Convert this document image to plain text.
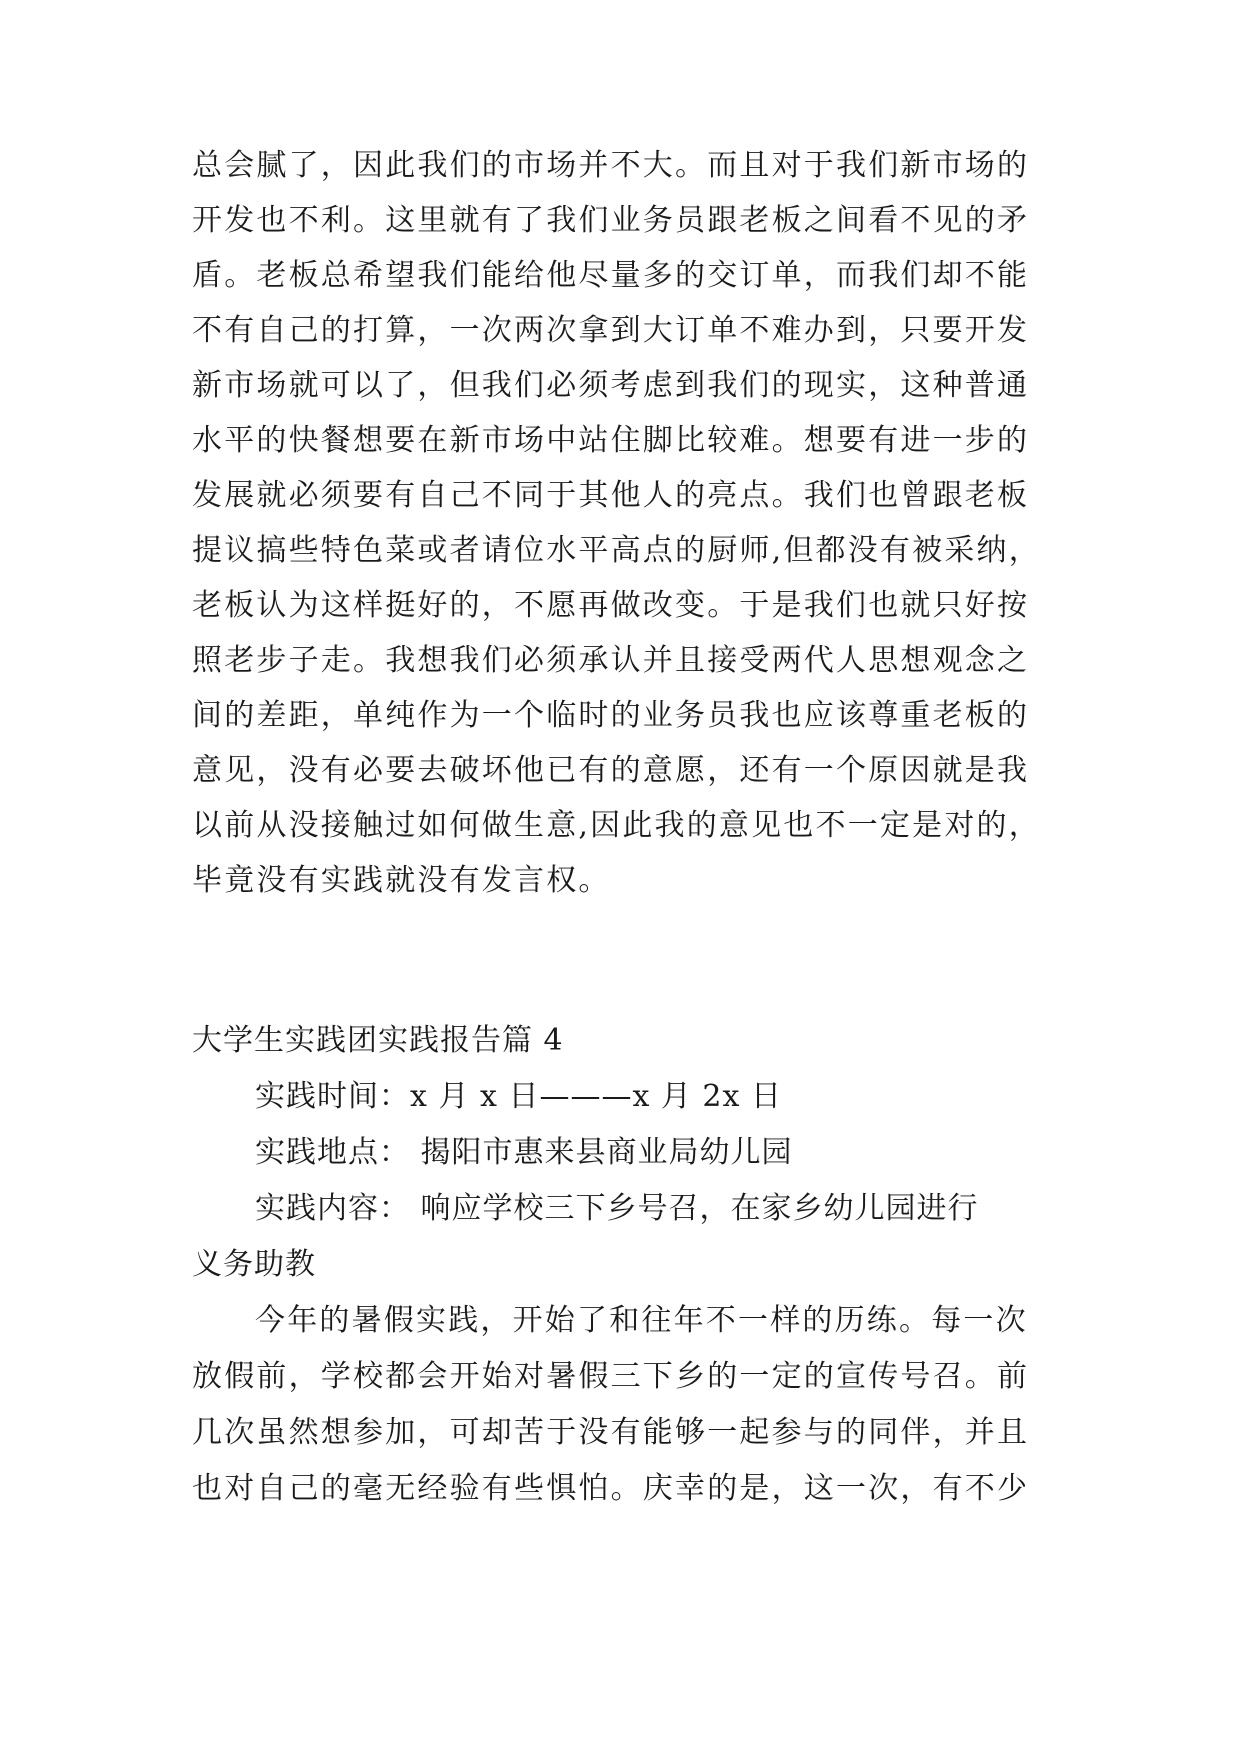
总会腻了，因此我们的市场并不大。而且对于我们新市场的
开发也不利。这里就有了我们业务员跟老板之间看不见的矛
盾。老板总希望我们能给他尽量多的交订单，而我们却不能
不有自己的打算，一次两次拿到大订单不难办到，只要开发
新市场就可以了，但我们必须考虑到我们的现实，这种普通
水平的快餐想要在新市场中站住脚比较难。想要有进一步的
发展就必须要有自己不同于其他人的亮点。我们也曾跟老板
提议搞些特色菜或者请位水平高点的厨师,但都没有被采纳，
老板认为这样挺好的，不愿再做改变。于是我们也就只好按
照老步子走。我想我们必须承认并且接受两代人思想观念之
间的差距，单纯作为一个临时的业务员我也应该尊重老板的
意见，没有必要去破坏他已有的意愿，还有一个原因就是我
以前从没接触过如何做生意,因此我的意见也不一定是对的，
毕竟没有实践就没有发言权。
大学生实践团实践报告篇 4
实践时间：x 月 x 日———x 月 2x 日
实践地点： 揭阳市惠来县商业局幼儿园
实践内容： 响应学校三下乡号召，在家乡幼儿园进行
义务助教
今年的暑假实践，开始了和往年不一样的历练。每一次
放假前，学校都会开始对暑假三下乡的一定的宣传号召。前
几次虽然想参加，可却苦于没有能够一起参与的同伴，并且
也对自己的毫无经验有些惧怕。庆幸的是，这一次，有不少
